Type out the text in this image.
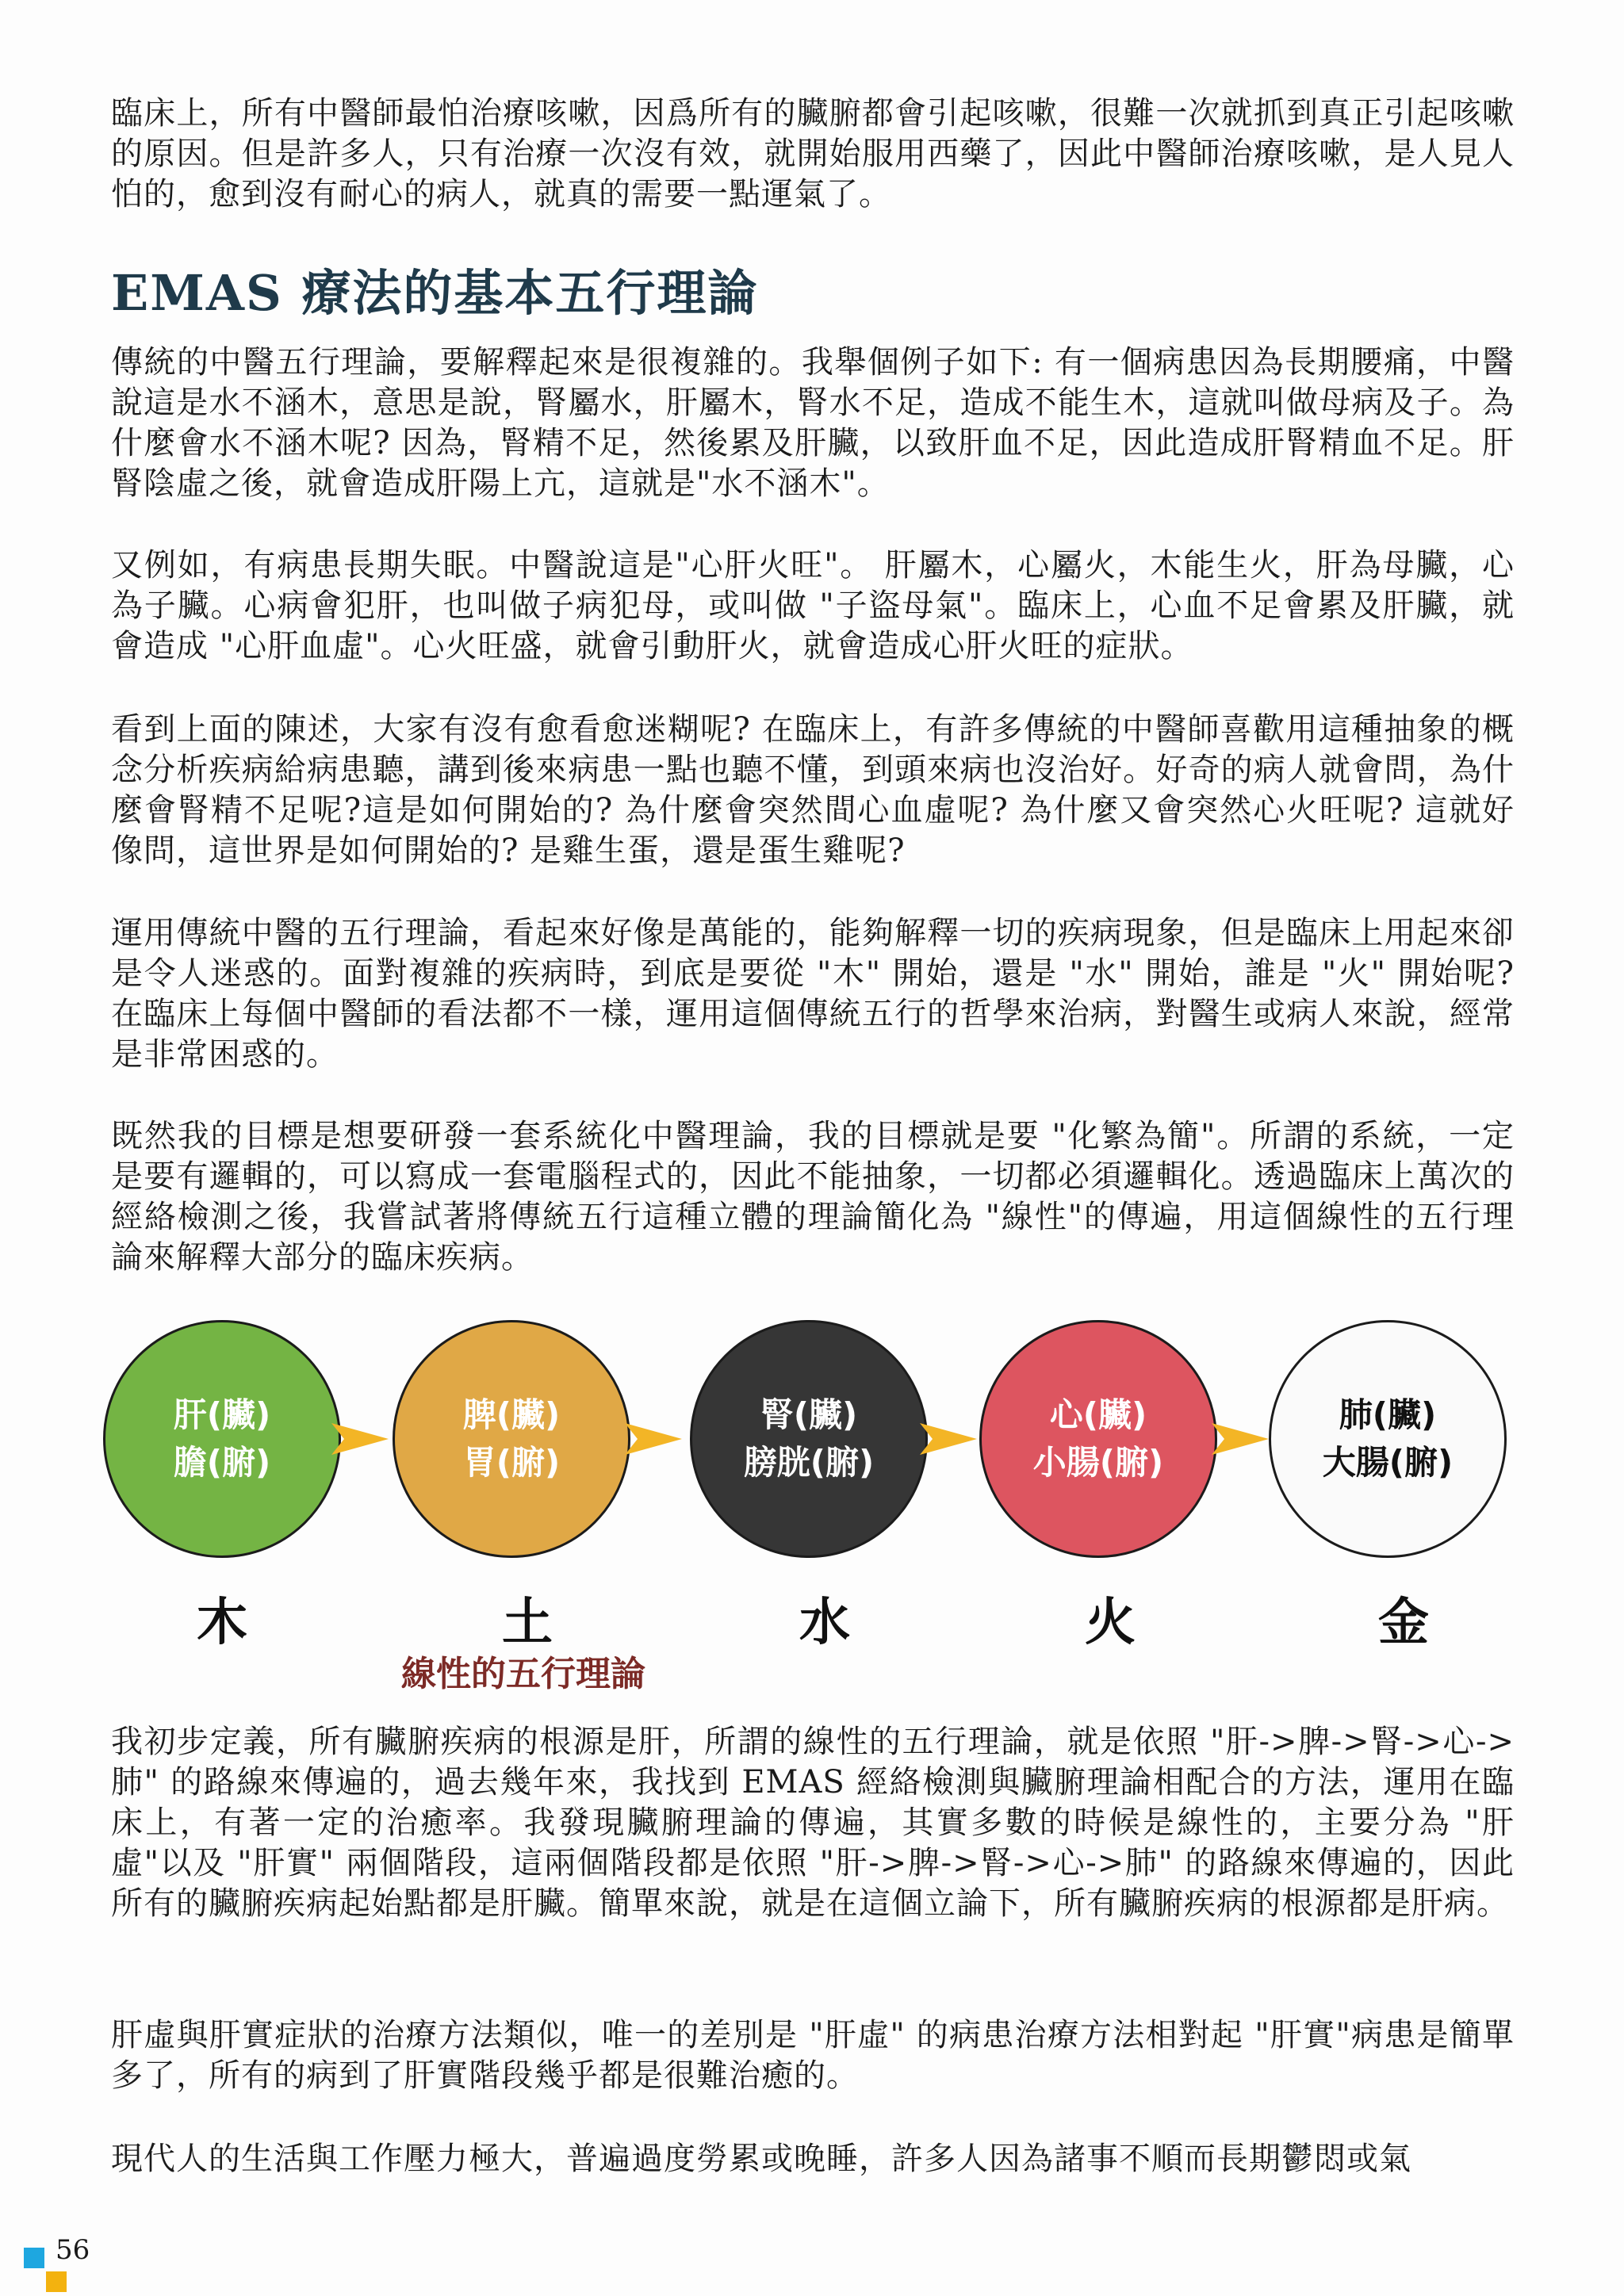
臨床上，所有中醫師最怕治療咳嗽，因爲所有的臟腑都會引起咳嗽，很難一次就抓到真正引起咳嗽的原因。但是許多人，只有治療一次沒有效，就開始服用西藥了，因此中醫師治療咳嗽，是人見人怕的，愈到沒有耐心的病人，就真的需要一點運氣了。

EMAS 療法的基本五行理論

傳統的中醫五行理論，要解釋起來是很複雜的。我舉個例子如下: 有一個病患因為長期腰痛，中醫說這是水不涵木，意思是說，腎屬水，肝屬木，腎水不足，造成不能生木，這就叫做母病及子。為什麼會水不涵木呢? 因為，腎精不足，然後累及肝臟，以致肝血不足，因此造成肝腎精血不足。肝腎陰虛之後，就會造成肝陽上亢，這就是"水不涵木"。

又例如，有病患長期失眠。中醫說這是"心肝火旺"。 肝屬木，心屬火，木能生火，肝為母臟，心為子臟。心病會犯肝，也叫做子病犯母，或叫做 "子盜母氣"。臨床上，心血不足會累及肝臟，就會造成 "心肝血虛"。心火旺盛，就會引動肝火，就會造成心肝火旺的症狀。

看到上面的陳述，大家有沒有愈看愈迷糊呢? 在臨床上，有許多傳統的中醫師喜歡用這種抽象的概念分析疾病給病患聽，講到後來病患一點也聽不懂，到頭來病也沒治好。好奇的病人就會問，為什麼會腎精不足呢?這是如何開始的? 為什麼會突然間心血虛呢? 為什麼又會突然心火旺呢? 這就好像問，這世界是如何開始的? 是雞生蛋，還是蛋生雞呢?

運用傳統中醫的五行理論，看起來好像是萬能的，能夠解釋一切的疾病現象，但是臨床上用起來卻是令人迷惑的。面對複雜的疾病時，到底是要從 "木" 開始，還是 "水" 開始，誰是 "火" 開始呢? 在臨床上每個中醫師的看法都不一樣，運用這個傳統五行的哲學來治病，對醫生或病人來說，經常是非常困惑的。

既然我的目標是想要研發一套系統化中醫理論，我的目標就是要 "化繁為簡"。所謂的系統，一定是要有邏輯的，可以寫成一套電腦程式的，因此不能抽象，一切都必須邏輯化。透過臨床上萬次的經絡檢測之後，我嘗試著將傳統五行這種立體的理論簡化為 "線性"的傳遍，用這個線性的五行理論來解釋大部分的臨床疾病。

肝(臟)
膽(腑)
脾(臟)
胃(腑)
腎(臟)
膀胱(腑)
心(臟)
小腸(腑)
肺(臟)
大腸(腑)
木	土	水	火	金
線性的五行理論

我初步定義，所有臟腑疾病的根源是肝，所謂的線性的五行理論，就是依照 "肝->脾->腎->心->肺" 的路線來傳遍的，過去幾年來，我找到 EMAS 經絡檢測與臟腑理論相配合的方法，運用在臨床上，有著一定的治癒率。我發現臟腑理論的傳遍，其實多數的時候是線性的，主要分為 "肝虛"以及 "肝實" 兩個階段，這兩個階段都是依照 "肝->脾->腎->心->肺" 的路線來傳遍的，因此所有的臟腑疾病起始點都是肝臟。簡單來說，就是在這個立論下，所有臟腑疾病的根源都是肝病。

肝虛與肝實症狀的治療方法類似，唯一的差別是 "肝虛" 的病患治療方法相對起 "肝實"病患是簡單多了，所有的病到了肝實階段幾乎都是很難治癒的。

現代人的生活與工作壓力極大，普遍過度勞累或晚睡，許多人因為諸事不順而長期鬱悶或氣

56
